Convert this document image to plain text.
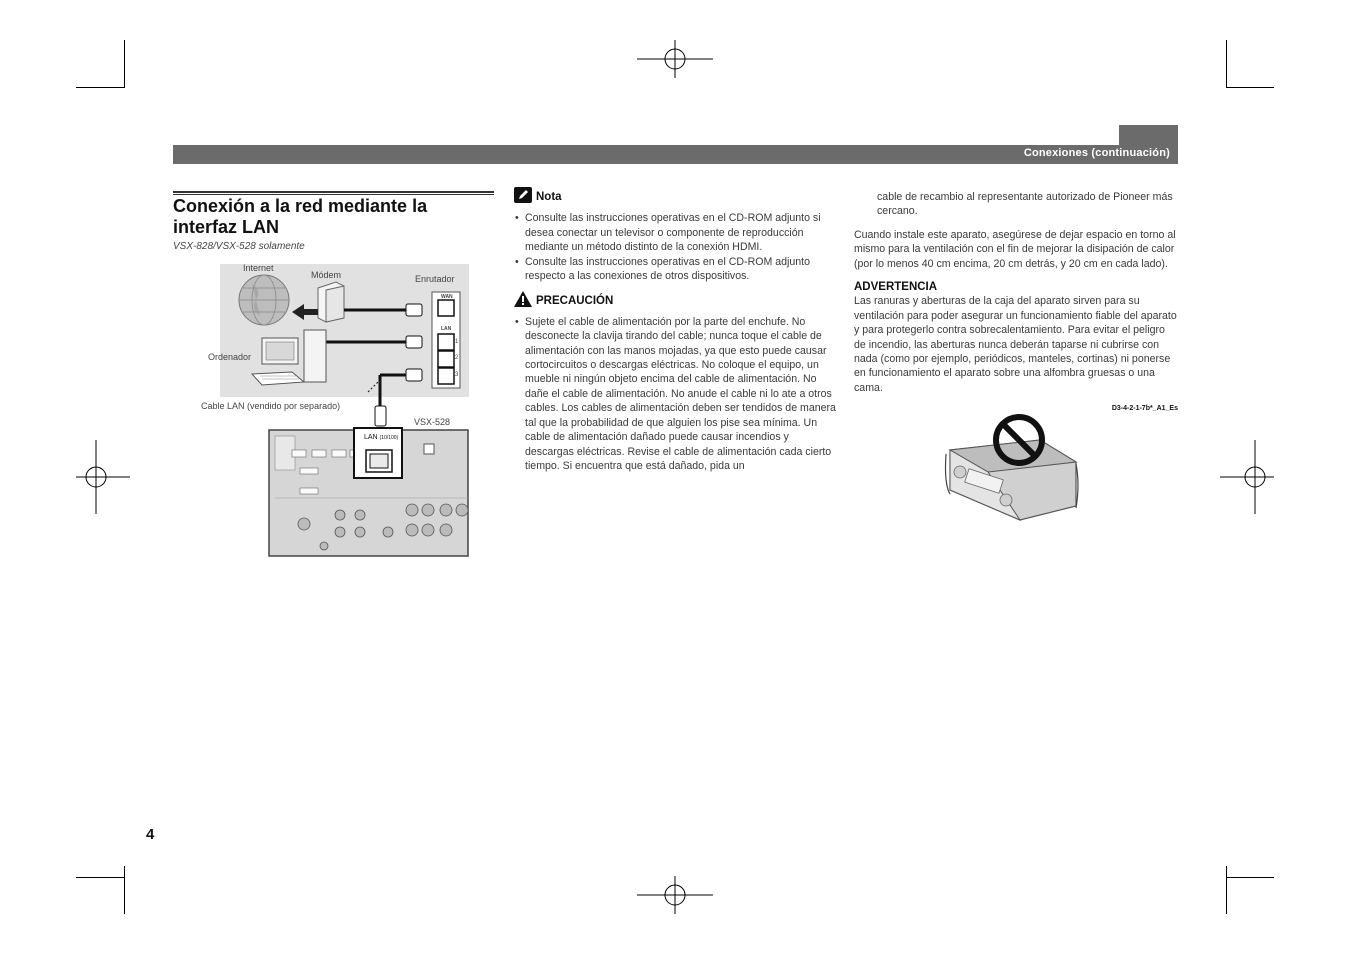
Conexiones (continuación)
Conexión a la red mediante la interfaz LAN
VSX-828/VSX-528 solamente
Internet
Módem	Enrutador
Ordenador
Cable LAN (vendido por separado)
VSX-528
WAN
LAN
1
2
3
LAN (10/100)
Nota
• Consulte las instrucciones operativas en el CD-ROM adjunto si desea conectar un televisor o componente de reproducción mediante un método distinto de la conexión HDMI.
• Consulte las instrucciones operativas en el CD-ROM adjunto respecto a las conexiones de otros dispositivos.
PRECAUCIÓN
• Sujete el cable de alimentación por la parte del enchufe. No desconecte la clavija tirando del cable; nunca toque el cable de alimentación con las manos mojadas, ya que esto puede causar cortocircuitos o descargas eléctricas. No coloque el equipo, un mueble ni ningún objeto encima del cable de alimentación. No dañe el cable de alimentación. No anude el cable ni lo ate a otros cables. Los cables de alimentación deben ser tendidos de manera tal que la probabilidad de que alguien los pise sea mínima. Un cable de alimentación dañado puede causar incendios y descargas eléctricas. Revise el cable de alimentación cada cierto tiempo. Si encuentra que está dañado, pida un
cable de recambio al representante autorizado de Pioneer más cercano.
Cuando instale este aparato, asegúrese de dejar espacio en torno al mismo para la ventilación con el fin de mejorar la disipación de calor (por lo menos 40 cm encima, 20 cm detrás, y 20 cm en cada lado).
ADVERTENCIA
Las ranuras y aberturas de la caja del aparato sirven para su ventilación para poder asegurar un funcionamiento fiable del aparato y para protegerlo contra sobrecalentamiento. Para evitar el peligro de incendio, las aberturas nunca deberán taparse ni cubrirse con nada (como por ejemplo, periódicos, manteles, cortinas) ni ponerse en funcionamiento el aparato sobre una alfombra gruesas o una cama.
D3-4-2-1-7b*_A1_Es
4
